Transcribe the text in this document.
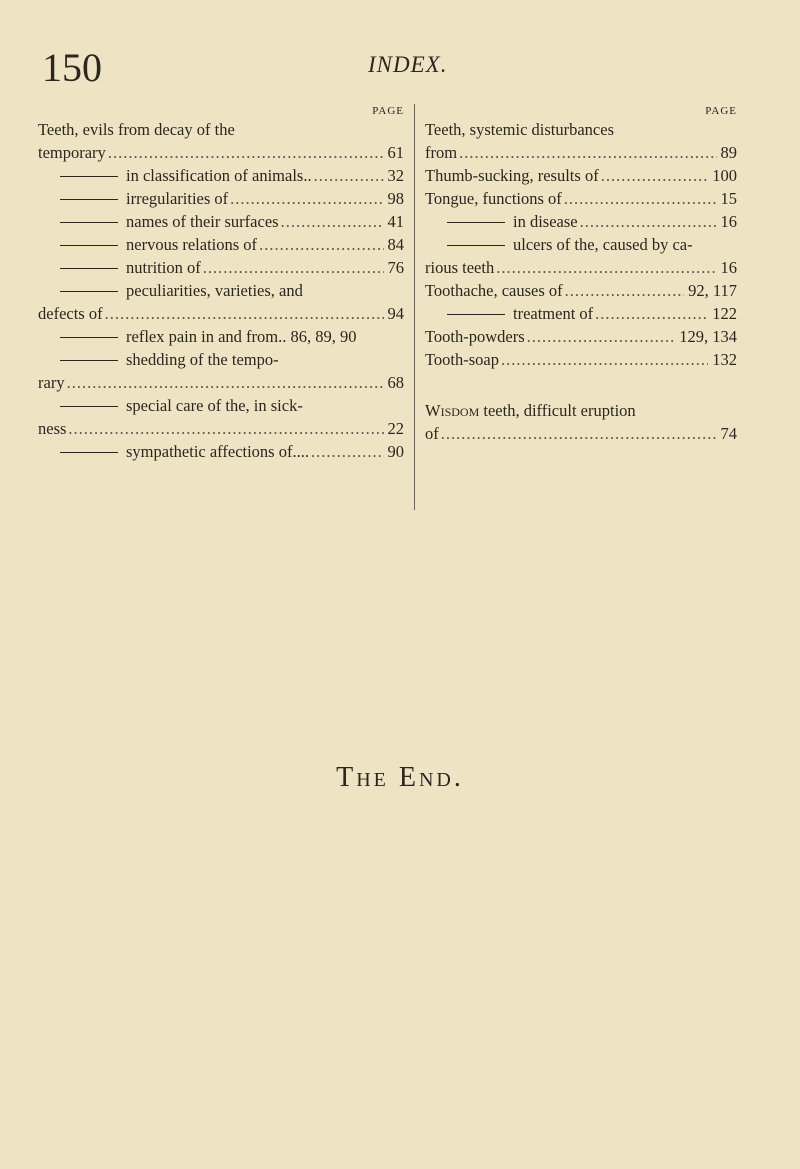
150	INDEX.
PAGE
Teeth, evils from decay of the
temporary .....	61
in classification of animals.. .....	32
irregularities of .....	98
names of their surfaces .....	41
nervous relations of .....	84
nutrition of .....	76
peculiarities, varieties, and
defects of .....	94
reflex pain in and from.. 86, 89, 90
shedding of the tempo-
rary .....	68
special care of the, in sick-
ness .....	22
sympathetic affections of.... .....	90
PAGE
Teeth, systemic disturbances
from .....	89
Thumb-sucking, results of .....	100
Tongue, functions of .....	15
in disease .....	16
ulcers of the, caused by ca-
rious teeth .....	16
Toothache, causes of .....	92, 117
treatment of .....	122
Tooth-powders .....	129, 134
Tooth-soap .....	132
Wisdom teeth, difficult eruption
of .....	74
The End.
